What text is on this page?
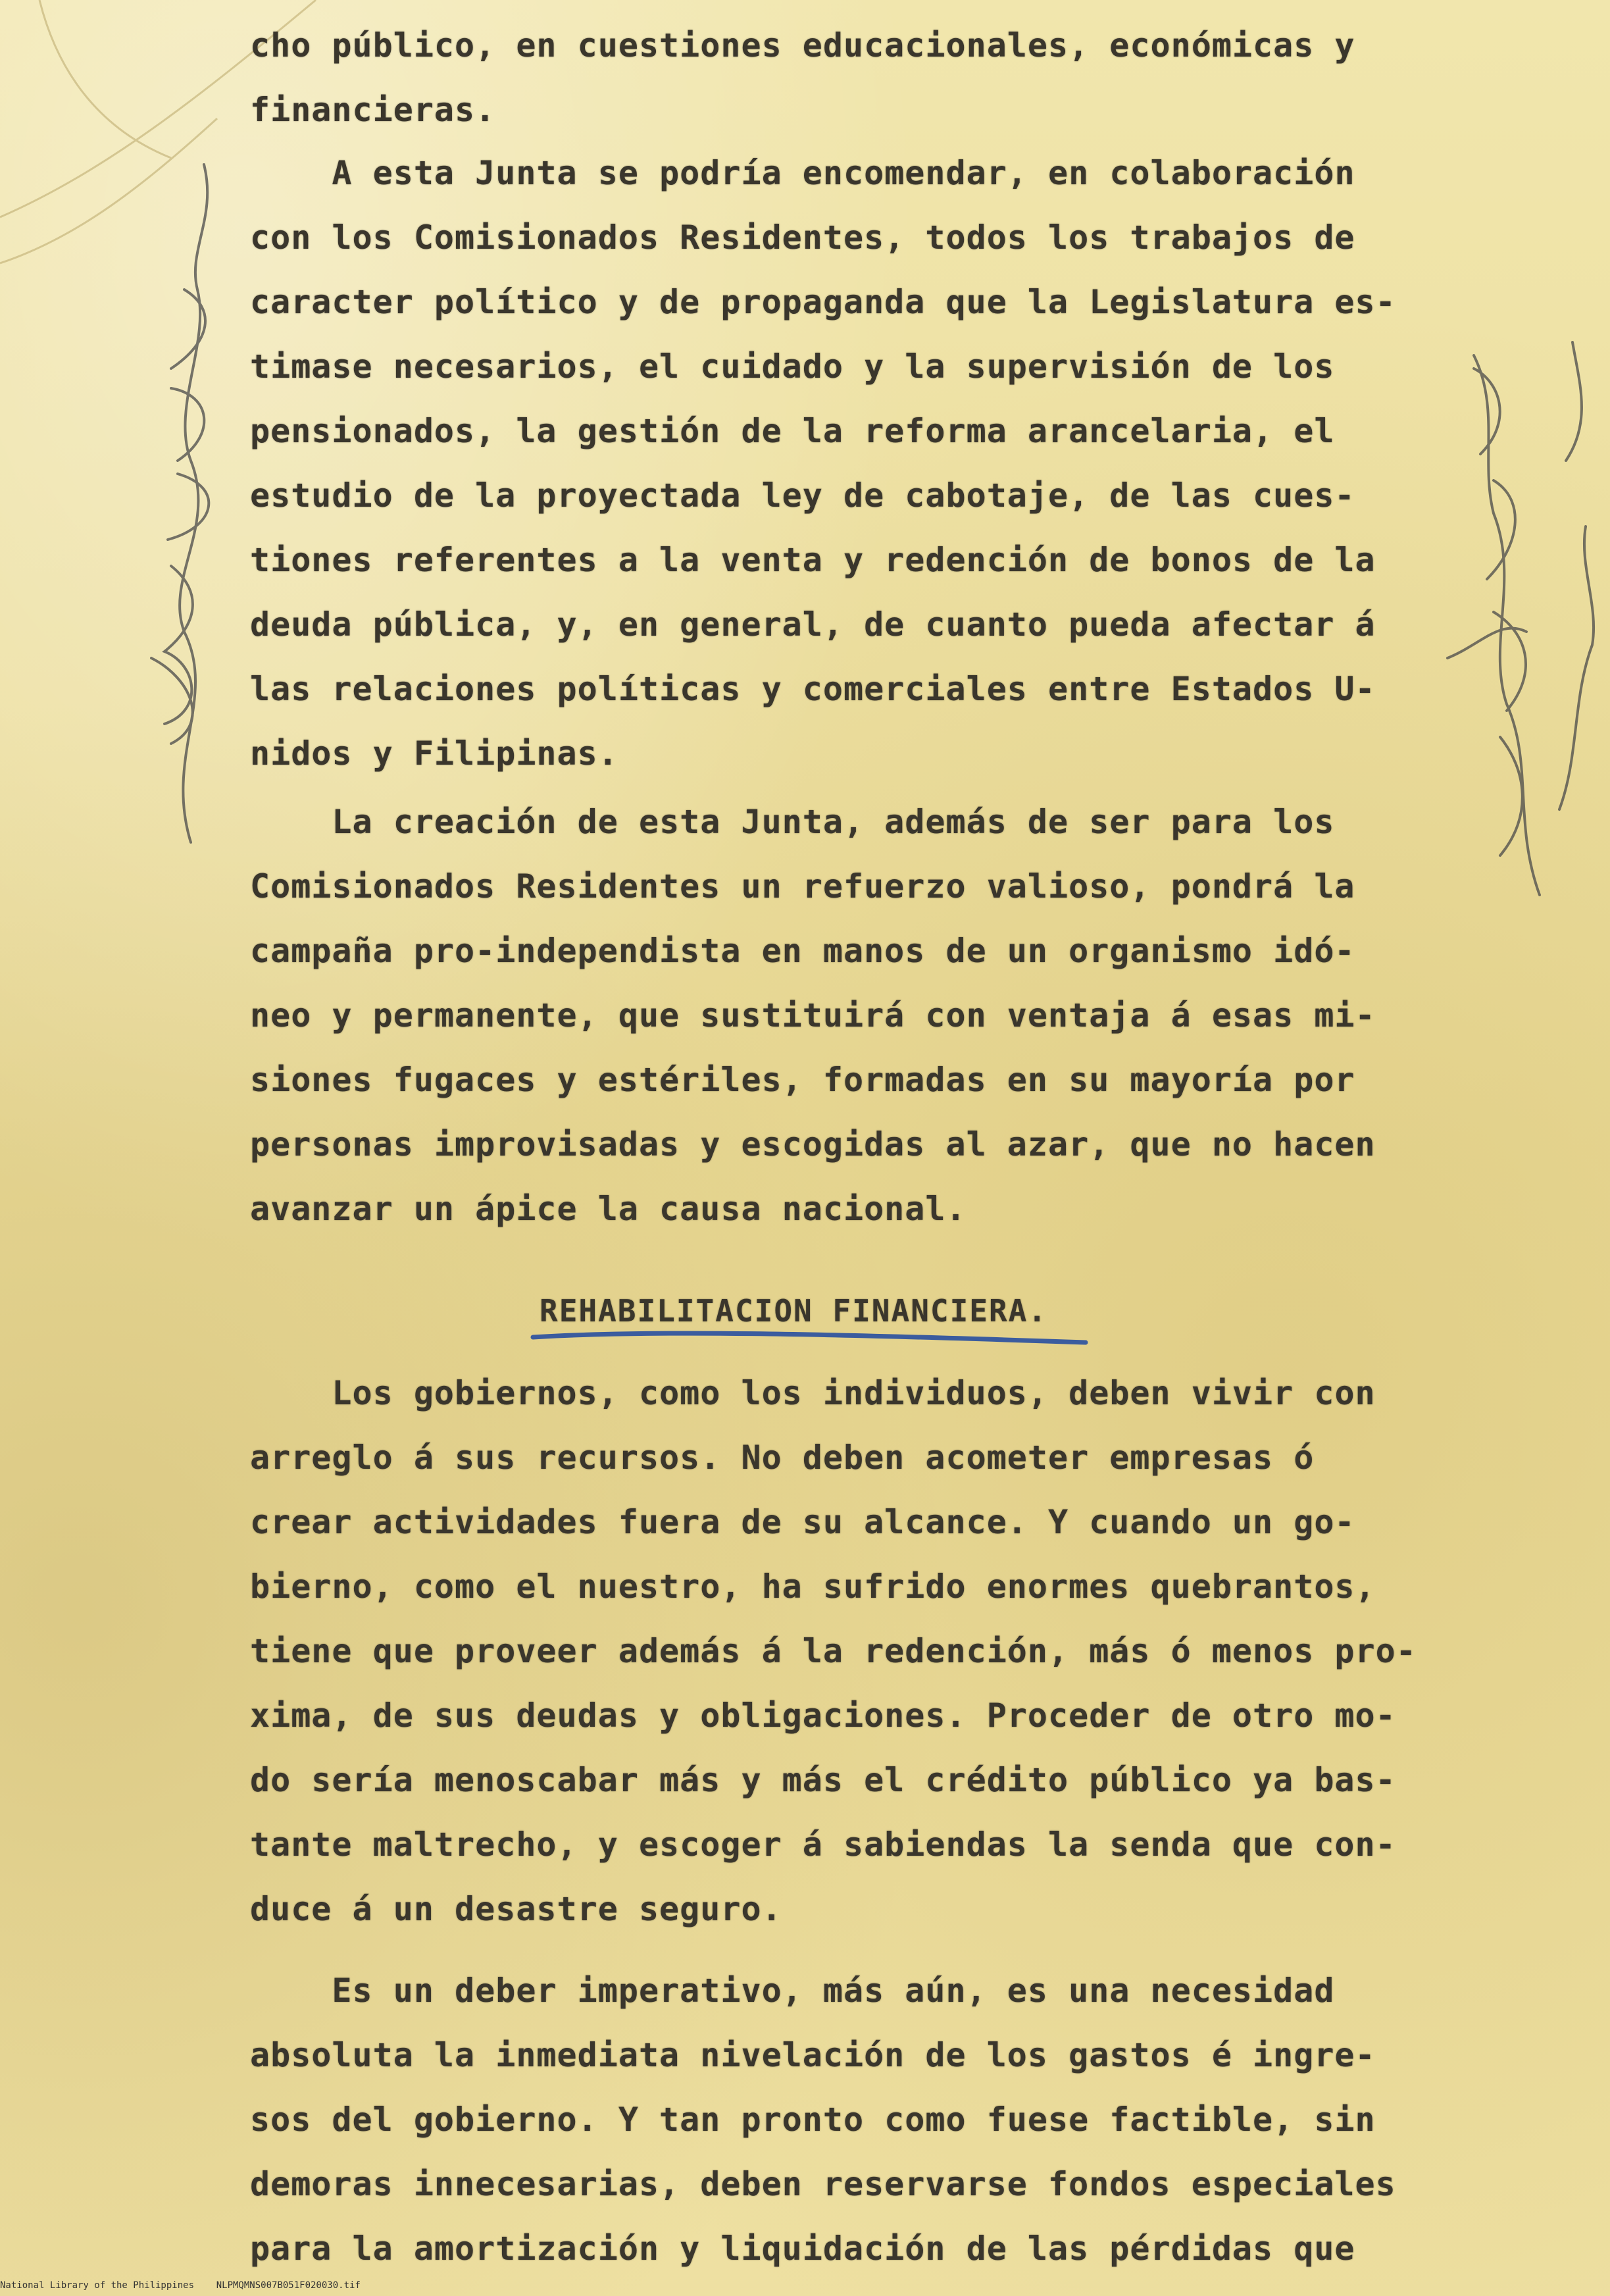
cho público, en cuestiones educacionales, económicas y
financieras.

A esta Junta se podría encomendar, en colaboración
con los Comisionados Residentes, todos los trabajos de
caracter político y de propaganda que la Legislatura es-
timase necesarios, el cuidado y la supervisión de los
pensionados, la gestión de la reforma arancelaria, el
estudio de la proyectada ley de cabotaje, de las cues-
tiones referentes a la venta y redención de bonos de la
deuda pública, y, en general, de cuanto pueda afectar á
las relaciones políticas y comerciales entre Estados U-
nidos y Filipinas.

La creación de esta Junta, además de ser para los
Comisionados Residentes un refuerzo valioso, pondrá la
campaña pro-independista en manos de un organismo idó-
neo y permanente, que sustituirá con ventaja á esas mi-
siones fugaces y estériles, formadas en su mayoría por
personas improvisadas y escogidas al azar, que no hacen
avanzar un ápice la causa nacional.

REHABILITACION FINANCIERA.

Los gobiernos, como los individuos, deben vivir con
arreglo á sus recursos. No deben acometer empresas ó
crear actividades fuera de su alcance. Y cuando un go-
bierno, como el nuestro, ha sufrido enormes quebrantos,
tiene que proveer además á la redención, más ó menos pro-
xima, de sus deudas y obligaciones. Proceder de otro mo-
do sería menoscabar más y más el crédito público ya bas-
tante maltrecho, y escoger á sabiendas la senda que con-
duce á un desastre seguro.

Es un deber imperativo, más aún, es una necesidad
absoluta la inmediata nivelación de los gastos é ingre-
sos del gobierno. Y tan pronto como fuese factible, sin
demoras innecesarias, deben reservarse fondos especiales
para la amortización y liquidación de las pérdidas que

National Library of the Philippines    NLPMQMNS007B051F020030.tif
